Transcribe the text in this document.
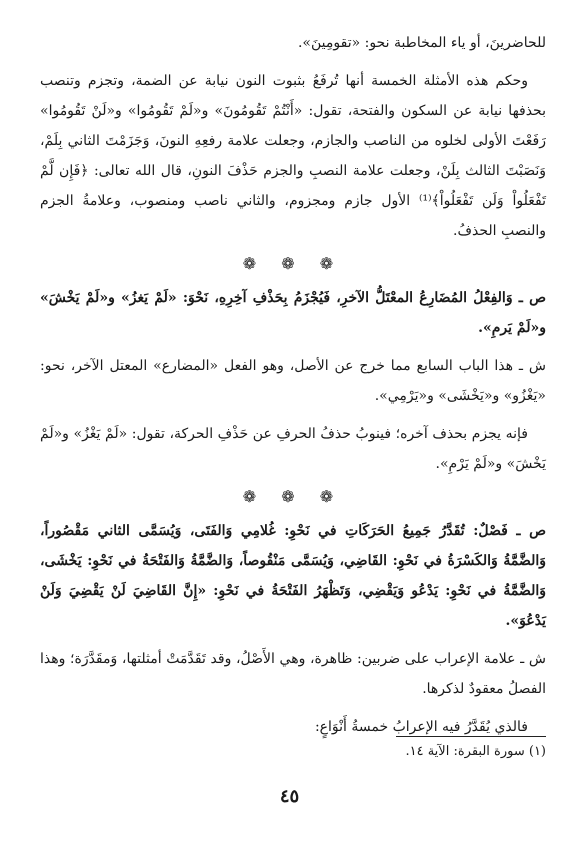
للحاضرينَ، أو ياء المخاطبة نحو: «تقومِينَ».

وحكم هذه الأمثلة الخمسة أنها تُرفَعُ بثبوت النون نيابة عن الضمة، وتجزم وتنصب بحذفها نيابة عن السكون والفتحة، تقول: «أَنْتُمْ تَقُومُونَ» و«لَمْ تَقُومُوا» و«لَنْ تَقُومُوا» رَفَعْتَ الأولى لخلوه من الناصب والجازم، وجعلت علامة رفعِهِ النونَ، وَجَزَمْتَ الثاني بِلَمْ، وَنَصَبْتَ الثالث بِلَنْ، وجعلت علامة النصبِ والجزم حَذْفَ النونِ، قال الله تعالى: ﴿فَإِن لَّمْ تَفْعَلُواْ وَلَن تَفْعَلُواْ﴾⁽¹⁾ الأول جازم ومجزوم، والثاني ناصب ومنصوب، وعلامةُ الجزم والنصبِ الحذفُ.

❁ ❁ ❁

ص ـ وَالفِعْلُ المُضَارِعُ المعْتَلُّ الآخرِ، فَيُجْزَمُ بِحَذْفِ آخِرِهِ، نَحْوَ: «لَمْ يَغزُ» و«لَمْ يَخْشَ» و«لَمْ يَرمِ».

ش ـ هذا الباب السابع مما خرج عن الأصل، وهو الفعل «المضارع» المعتل الآخر، نحو: «يَغْزُو» و«يَخْشَى» و«يَرْمِي».

فإنه يجزم بحذف آخره؛ فينوبُ حذفُ الحرفِ عن حَذْفِ الحركة، تقول: «لَمْ يَغْزُ» و«لَمْ يَخْشَ» و«لَمْ يَرْمِ».

❁ ❁ ❁

ص ـ فَصْلٌ: تُقَدَّرُ جَمِيعُ الحَرَكَاتِ في نَحْوِ: غُلامِي وَالفَتَى، وَيُسَمَّى الثاني مَقْصُوراً، وَالضَّمَّةُ وَالكَسْرَةُ في نَحْوِ: القَاضِي، وَيُسَمَّى مَنْقُوصاً، وَالضَّمَّةُ وَالفَتْحَةُ في نَحْوِ: يَخْشَى، وَالضَّمَّةُ في نَحْوِ: يَدْعُو وَيَقْضِي، وَتَظْهَرُ الفَتْحَةُ في نَحْوِ: «إِنَّ القَاضِيَ لَنْ يَقْضِيَ وَلَنْ يَدْعُوَ».

ش ـ علامة الإعراب على ضربين: ظاهرة، وهي الأَصْلُ، وقد تَقَدَّمَتْ أمثلتها، وَمقَدَّرَة؛ وهذا الفصلُ معقودٌ لذكرها.

فالذي يُقَدَّرُ فيه الإعرابُ خمسةُ أَنْوَاعٍ:

(١) سورة البقرة: الآية ١٤.
٤٥
